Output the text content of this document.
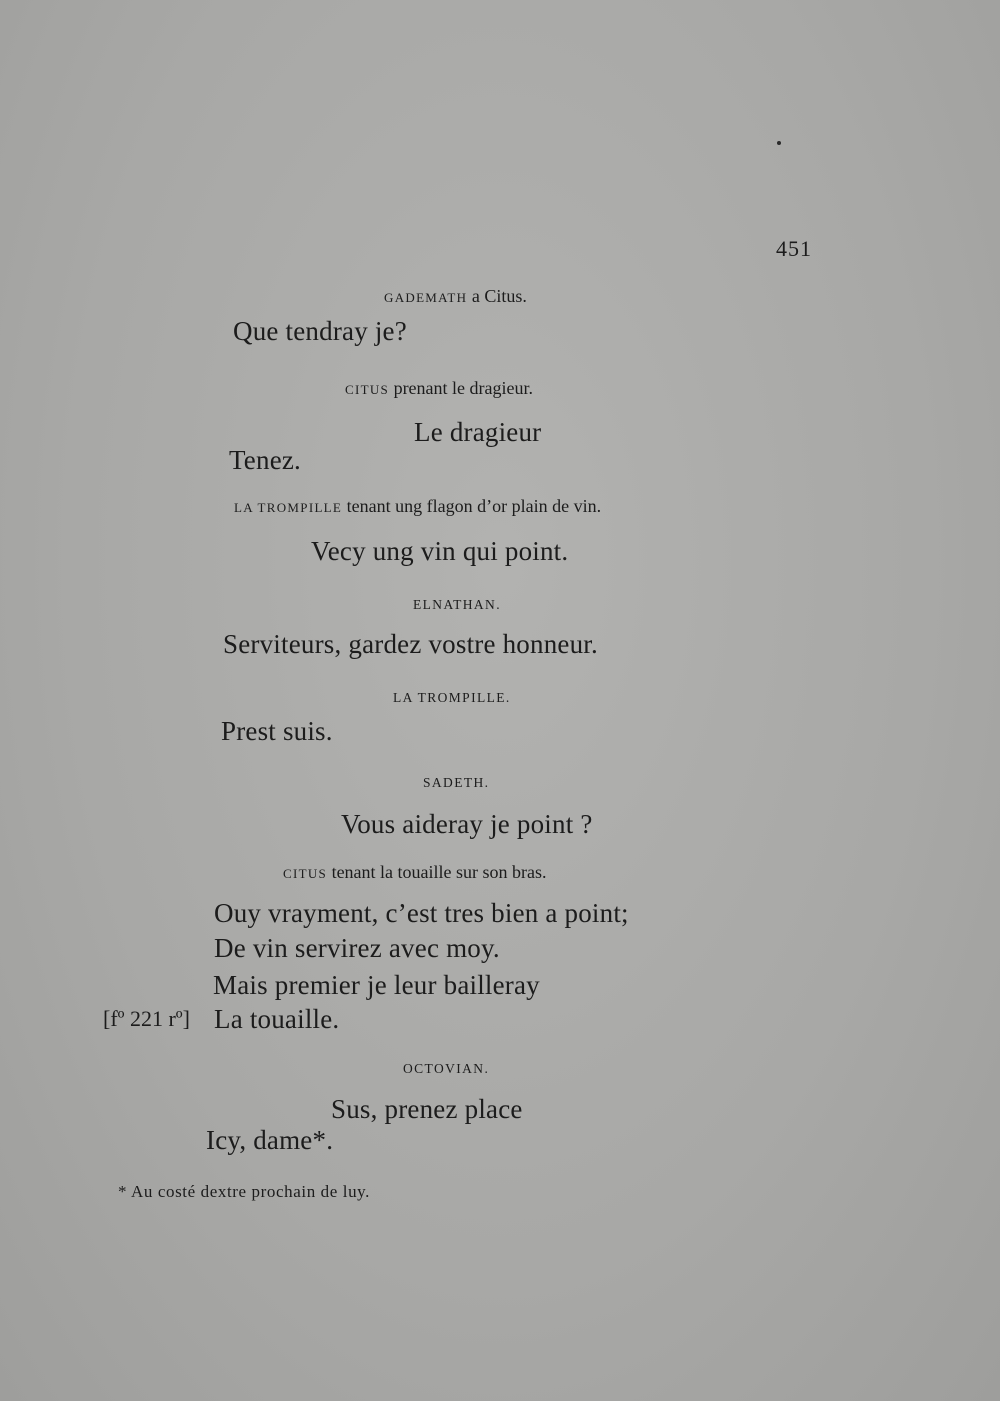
451
GADEMATH a Citus.
Que tendray je?
CITUS prenant le dragieur.
Le dragieur
Tenez.
LA TROMPILLE tenant ung flagon d’or plain de vin.
Vecy ung vin qui point.
ELNATHAN.
Serviteurs, gardez vostre honneur.
LA TROMPILLE.
Prest suis.
SADETH.
Vous aideray je point ?
CITUS tenant la touaille sur son bras.
Ouy vrayment, c’est tres bien a point;
De vin servirez avec moy.
Mais premier je leur bailleray
[fº 221 rº] La touaille.
OCTOVIAN.
Sus, prenez place
Icy, dame*.
* Au costé dextre prochain de luy.
